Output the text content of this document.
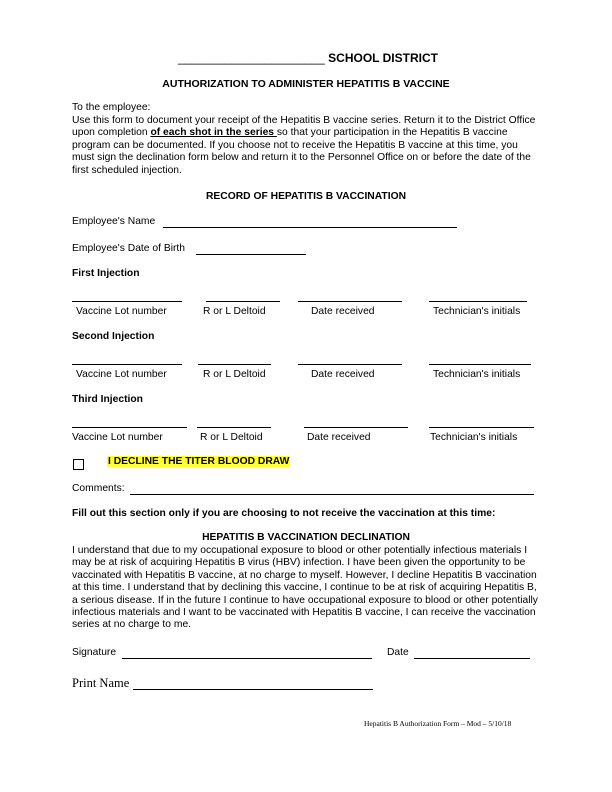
______________________ SCHOOL DISTRICT
AUTHORIZATION TO ADMINISTER HEPATITIS B VACCINE
To the employee:
Use this form to document your receipt of the Hepatitis B vaccine series. Return it to the District Office upon completion of each shot in the series so that your participation in the Hepatitis B vaccine program can be documented. If you choose not to receive the Hepatitis B vaccine at this time, you must sign the declination form below and return it to the Personnel Office on or before the date of the first scheduled injection.
RECORD OF HEPATITIS B VACCINATION
Employee's Name
Employee's Date of Birth
First Injection
Vaccine Lot number	R or L Deltoid	Date received	Technician's initials
Second Injection
Vaccine Lot number	R or L Deltoid	Date received	Technician's initials
Third Injection
Vaccine Lot number	R or L Deltoid	Date received	Technician's initials
I DECLINE THE TITER BLOOD DRAW
Comments:
Fill out this section only if you are choosing to not receive the vaccination at this time:
HEPATITIS B VACCINATION DECLINATION
I understand that due to my occupational exposure to blood or other potentially infectious materials I may be at risk of acquiring Hepatitis B virus (HBV) infection. I have been given the opportunity to be vaccinated with Hepatitis B vaccine, at no charge to myself. However, I decline Hepatitis B vaccination at this time. I understand that by declining this vaccine, I continue to be at risk of acquiring Hepatitis B, a serious disease. If in the future I continue to have occupational exposure to blood or other potentially infectious materials and I want to be vaccinated with Hepatitis B vaccine, I can receive the vaccination series at no charge to me.
Signature	Date
Print Name
Hepatitis B Authorization Form – Mod – 5/10/18
